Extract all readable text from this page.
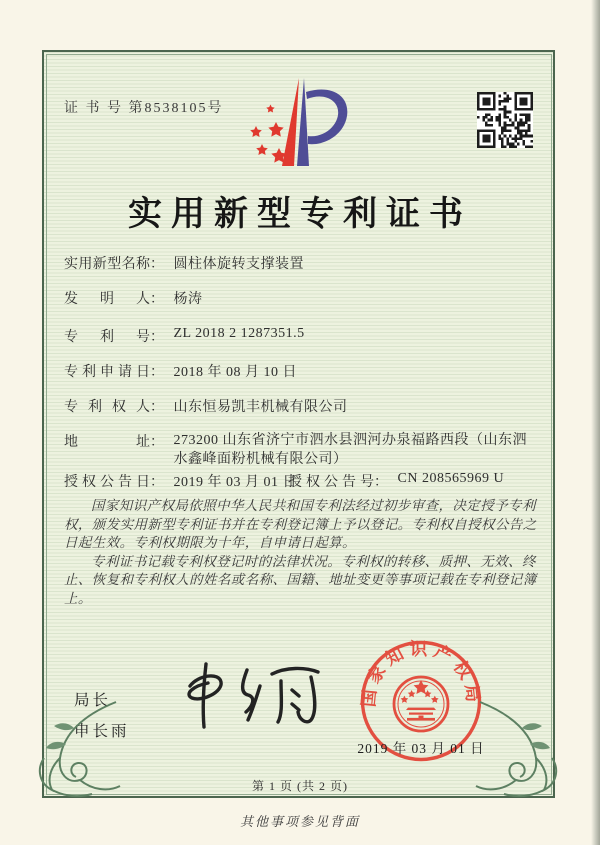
证 书 号 第8538105号
实用新型专利证书
实用新型名称： 圆柱体旋转支撑装置
发明人： 杨涛
专利号： ZL 2018 2 1287351.5
专利申请日： 2018 年 08 月 10 日
专利权人： 山东恒易凯丰机械有限公司
地址： 273200 山东省济宁市泗水县泗河办泉福路西段（山东泗水鑫峰面粉机械有限公司）
授权公告日： 2019 年 03 月 01 日
授权公告号： CN 208565969 U

国家知识产权局依照中华人民共和国专利法经过初步审查，决定授予专利权，颁发实用新型专利证书并在专利登记簿上予以登记。专利权自授权公告之日起生效。专利权期限为十年，自申请日起算。

专利证书记载专利权登记时的法律状况。专利权的转移、质押、无效、终止、恢复和专利权人的姓名或名称、国籍、地址变更等事项记载在专利登记簿上。

局长
申长雨
国家知识产权局
2019 年 03 月 01 日
第 1 页 (共 2 页)
其他事项参见背面
